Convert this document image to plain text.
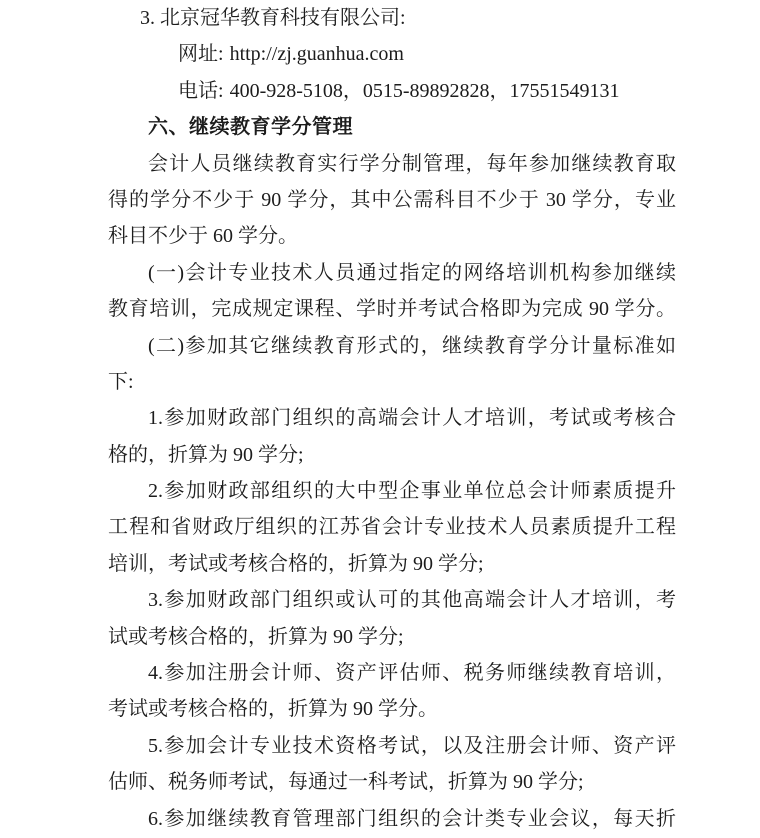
3. 北京冠华教育科技有限公司:
网址: http://zj.guanhua.com
电话: 400-928-5108，0515-89892828，17551549131
六、继续教育学分管理
会计人员继续教育实行学分制管理，每年参加继续教育取
得的学分不少于 90 学分，其中公需科目不少于 30 学分，专业
科目不少于 60 学分。
(一)会计专业技术人员通过指定的网络培训机构参加继续
教育培训，完成规定课程、学时并考试合格即为完成 90 学分。
(二)参加其它继续教育形式的，继续教育学分计量标准如
下:
1.参加财政部门组织的高端会计人才培训，考试或考核合
格的，折算为 90 学分;
2.参加财政部组织的大中型企事业单位总会计师素质提升
工程和省财政厅组织的江苏省会计专业技术人员素质提升工程
培训，考试或考核合格的，折算为 90 学分;
3.参加财政部门组织或认可的其他高端会计人才培训，考
试或考核合格的，折算为 90 学分;
4.参加注册会计师、资产评估师、税务师继续教育培训，
考试或考核合格的，折算为 90 学分。
5.参加会计专业技术资格考试，以及注册会计师、资产评
估师、税务师考试，每通过一科考试，折算为 90 学分;
6.参加继续教育管理部门组织的会计类专业会议，每天折
